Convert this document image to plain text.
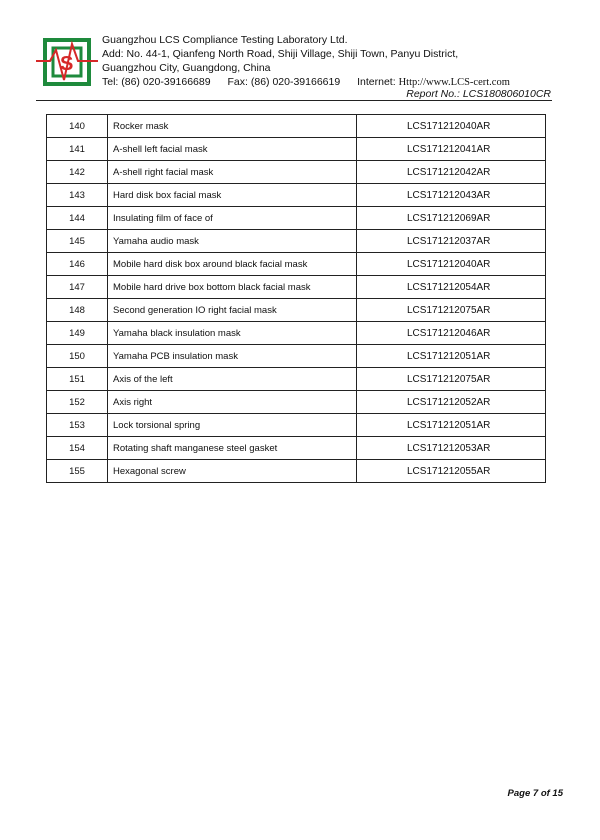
S
Guangzhou LCS Compliance Testing Laboratory Ltd.
Add: No. 44-1, Qianfeng North Road, Shiji Village, Shiji Town, Panyu District,
Guangzhou City, Guangdong, China
Tel: (86) 020-39166689 Fax: (86) 020-39166619 Internet: Http://www.LCS-cert.com
Report No.: LCS180806010CR
140	Rocker mask	LCS171212040AR
141	A-shell left facial mask	LCS171212041AR
142	A-shell right facial mask	LCS171212042AR
143	Hard disk box facial mask	LCS171212043AR
144	Insulating film of face of	LCS171212069AR
145	Yamaha audio mask	LCS171212037AR
146	Mobile hard disk box around black facial mask	LCS171212040AR
147	Mobile hard drive box bottom black facial mask	LCS171212054AR
148	Second generation IO right facial mask	LCS171212075AR
149	Yamaha black insulation mask	LCS171212046AR
150	Yamaha PCB insulation mask	LCS171212051AR
151	Axis of the left	LCS171212075AR
152	Axis right	LCS171212052AR
153	Lock torsional spring	LCS171212051AR
154	Rotating shaft manganese steel gasket	LCS171212053AR
155	Hexagonal screw	LCS171212055AR
Page 7 of 15
